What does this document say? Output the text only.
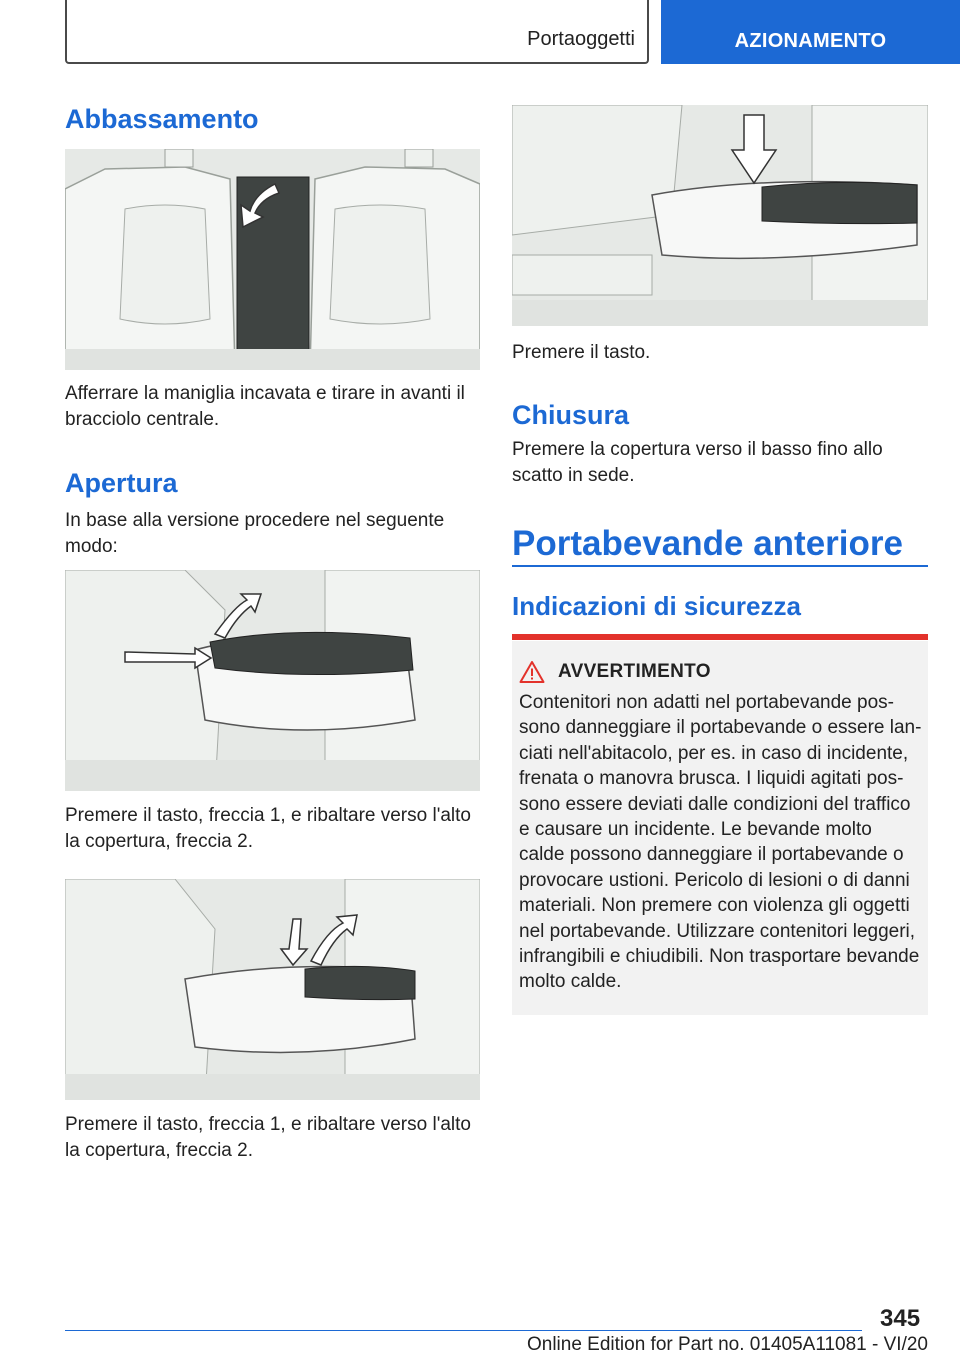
Portaoggetti	AZIONAMENTO
Abbassamento

Afferrare la maniglia incavata e tirare in avanti il

bracciolo centrale.

Apertura

In base alla versione procedere nel seguente

modo:

Premere il tasto, freccia 1, e ribaltare verso l'alto

la copertura, freccia 2.

Premere il tasto, freccia 1, e ribaltare verso l'alto

la copertura, freccia 2.

Premere il tasto.

Chiusura

Premere la copertura verso il basso fino allo

scatto in sede.

Portabevande anteriore
Indicazioni di sicurezza
AVVERTIMENTO
Contenitori non adatti nel portabevande pos-
sono danneggiare il portabevande o essere lan-
ciati nell'abitacolo, per es. in caso di incidente,
frenata o manovra brusca. I liquidi agitati pos-
sono essere deviati dalle condizioni del traffico
e causare un incidente. Le bevande molto
calde possono danneggiare il portabevande o
provocare ustioni. Pericolo di lesioni o di danni
materiali. Non premere con violenza gli oggetti
nel portabevande. Utilizzare contenitori leggeri,
infrangibili e chiudibili. Non trasportare bevande
molto calde.
345
Online Edition for Part no. 01405A11081 - VI/20
